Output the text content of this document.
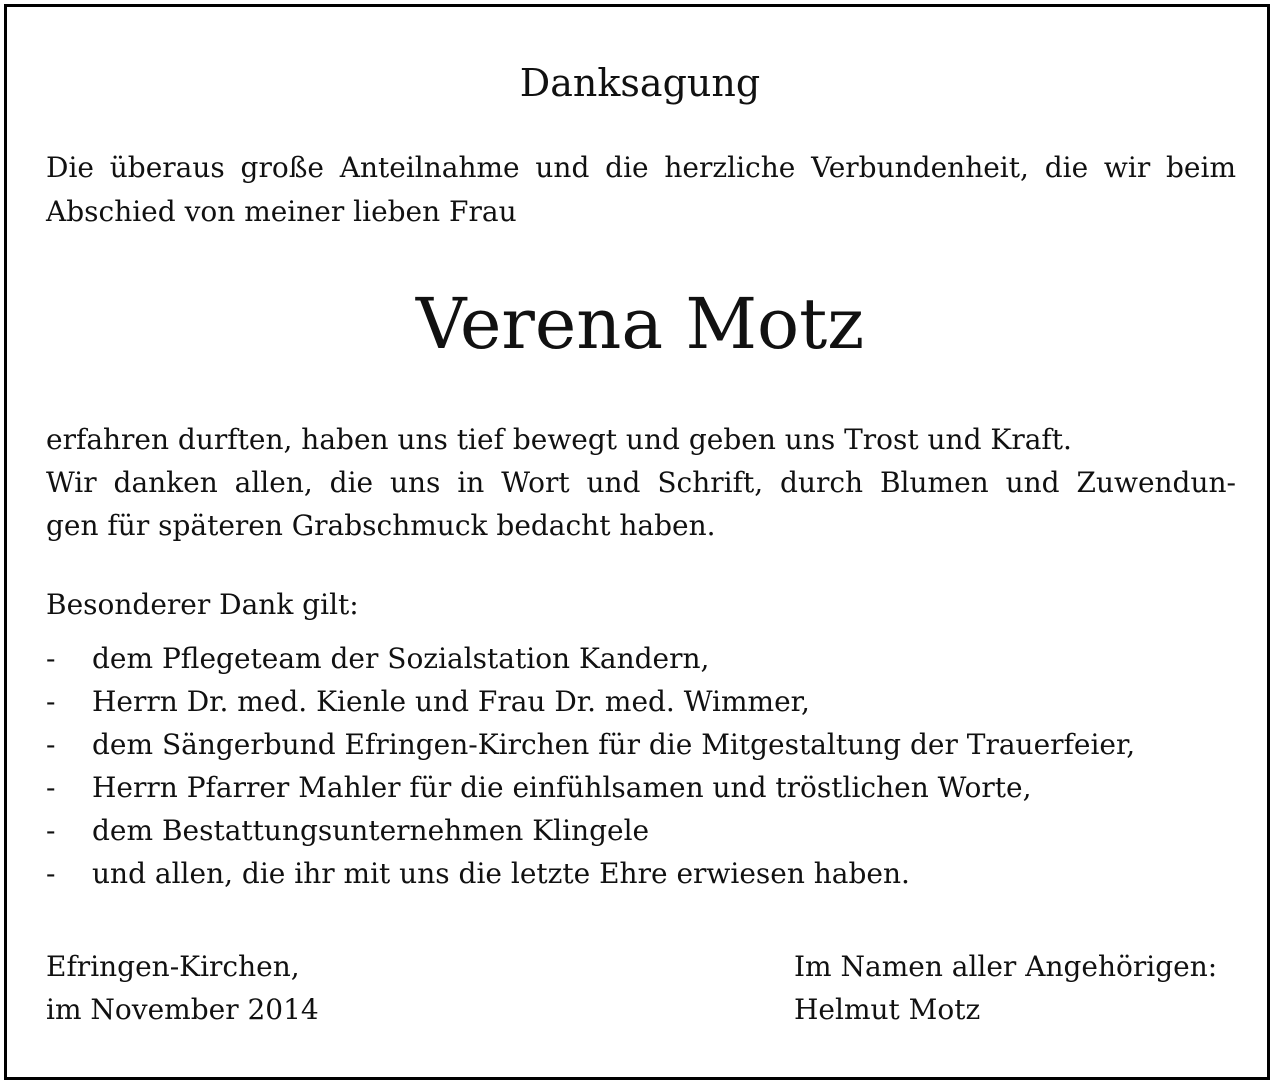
Danksagung
Die überaus große Anteilnahme und die herzliche Verbundenheit, die wir beim
Abschied von meiner lieben Frau
Verena Motz
erfahren durften, haben uns tief bewegt und geben uns Trost und Kraft.
Wir danken allen, die uns in Wort und Schrift, durch Blumen und Zuwendun-
gen für späteren Grabschmuck bedacht haben.
Besonderer Dank gilt:
- dem Pflegeteam der Sozialstation Kandern,
- Herrn Dr. med. Kienle und Frau Dr. med. Wimmer,
- dem Sängerbund Efringen-Kirchen für die Mitgestaltung der Trauerfeier,
- Herrn Pfarrer Mahler für die einfühlsamen und tröstlichen Worte,
- dem Bestattungsunternehmen Klingele
- und allen, die ihr mit uns die letzte Ehre erwiesen haben.
Efringen-Kirchen,
im November 2014
Im Namen aller Angehörigen:
Helmut Motz
